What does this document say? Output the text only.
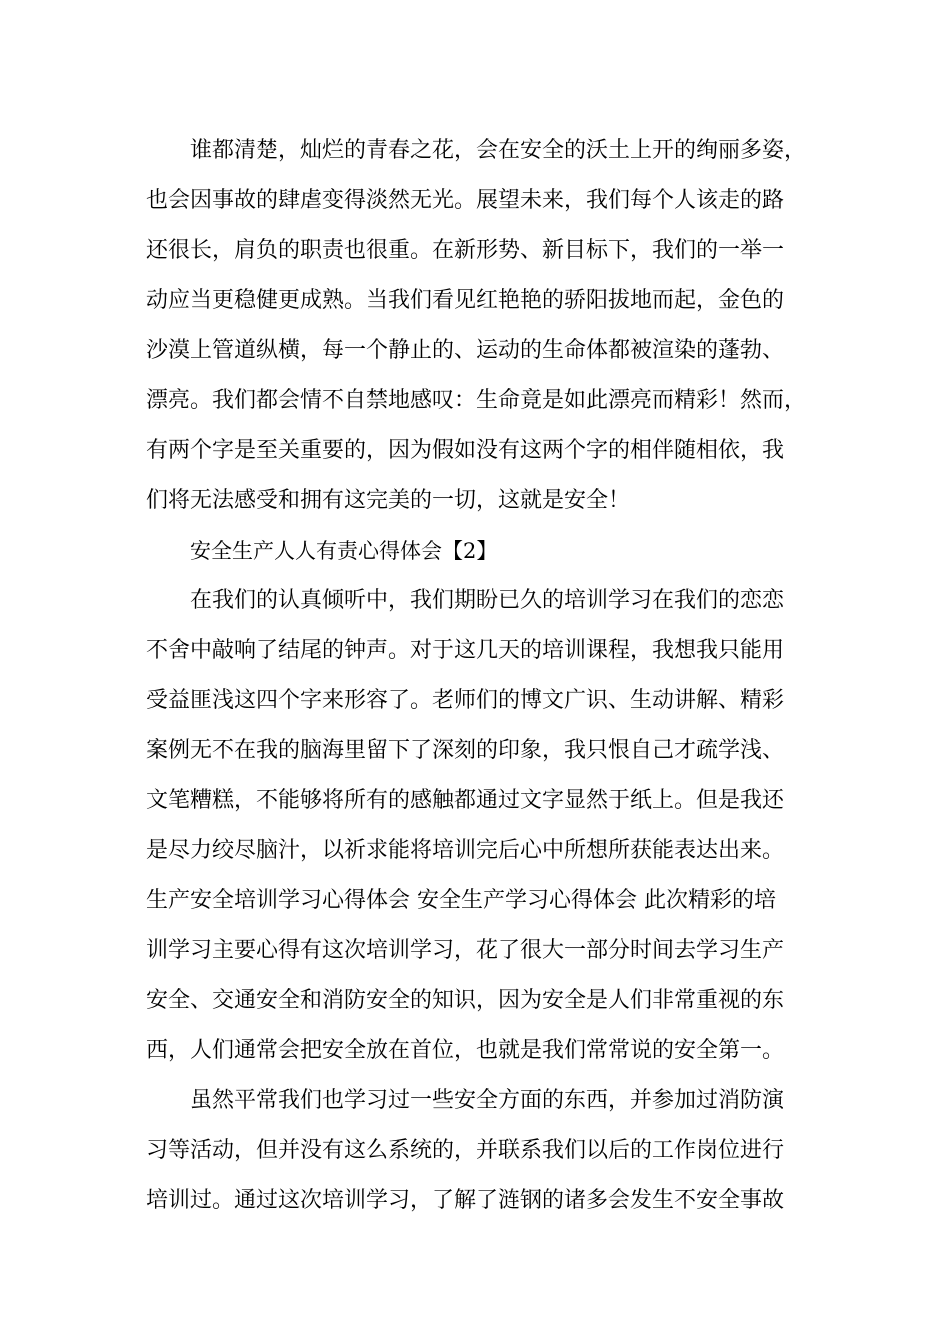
谁都清楚，灿烂的青春之花，会在安全的沃土上开的绚丽多姿，
也会因事故的肆虐变得淡然无光。展望未来，我们每个人该走的路
还很长，肩负的职责也很重。在新形势、新目标下，我们的一举一
动应当更稳健更成熟。当我们看见红艳艳的骄阳拔地而起，金色的
沙漠上管道纵横，每一个静止的、运动的生命体都被渲染的蓬勃、
漂亮。我们都会情不自禁地感叹：生命竟是如此漂亮而精彩！然而，
有两个字是至关重要的，因为假如没有这两个字的相伴随相依，我
们将无法感受和拥有这完美的一切，这就是安全！
安全生产人人有责心得体会【2】
在我们的认真倾听中，我们期盼已久的培训学习在我们的恋恋
不舍中敲响了结尾的钟声。对于这几天的培训课程，我想我只能用
受益匪浅这四个字来形容了。老师们的博文广识、生动讲解、精彩
案例无不在我的脑海里留下了深刻的印象，我只恨自己才疏学浅、
文笔糟糕，不能够将所有的感触都通过文字显然于纸上。但是我还
是尽力绞尽脑汁，以祈求能将培训完后心中所想所获能表达出来。
生产安全培训学习心得体会 安全生产学习心得体会 此次精彩的培
训学习主要心得有这次培训学习，花了很大一部分时间去学习生产
安全、交通安全和消防安全的知识，因为安全是人们非常重视的东
西，人们通常会把安全放在首位，也就是我们常常说的安全第一。
虽然平常我们也学习过一些安全方面的东西，并参加过消防演
习等活动，但并没有这么系统的，并联系我们以后的工作岗位进行
培训过。通过这次培训学习，了解了涟钢的诸多会发生不安全事故
